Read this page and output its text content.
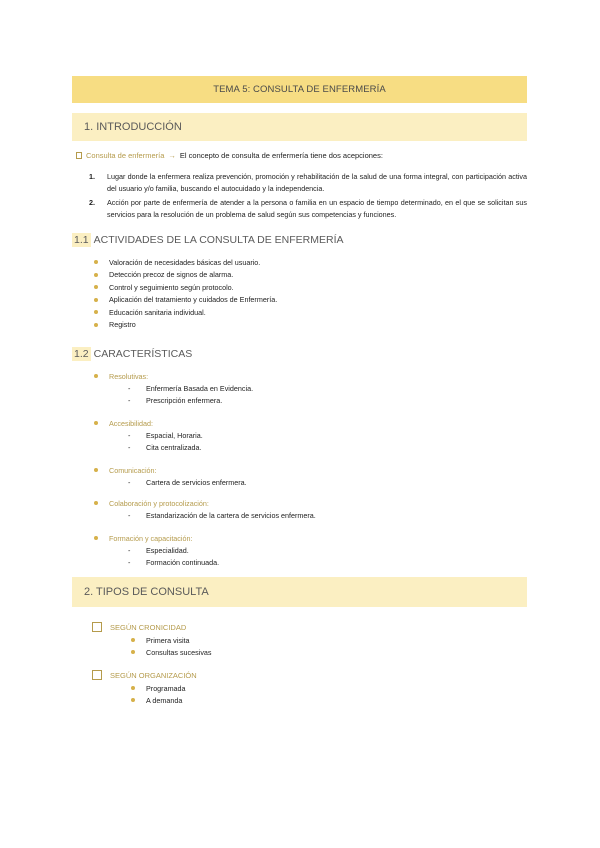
TEMA 5: CONSULTA DE ENFERMERÍA
1. INTRODUCCIÓN
Consulta de enfermería → El concepto de consulta de enfermería tiene dos acepciones:
1. Lugar donde la enfermera realiza prevención, promoción y rehabilitación de la salud de una forma integral, con participación activa del usuario y/o familia, buscando el autocuidado y la independencia.
2. Acción por parte de enfermería de atender a la persona o familia en un espacio de tiempo determinado, en el que se solicitan sus servicios para la resolución de un problema de salud según sus competencias y funciones.
1.1 ACTIVIDADES DE LA CONSULTA DE ENFERMERÍA
Valoración de necesidades básicas del usuario.
Detección precoz de signos de alarma.
Control y seguimiento según protocolo.
Aplicación del tratamiento y cuidados de Enfermería.
Educación sanitaria individual.
Registro
1.2 CARACTERÍSTICAS
Resolutivas:
-	Enfermería Basada en Evidencia.
-	Prescripción enfermera.
Accesibilidad:
-	Espacial, Horaria.
-	Cita centralizada.
Comunicación:
-	Cartera de servicios enfermera.
Colaboración y protocolización:
-	Estandarización de la cartera de servicios enfermera.
Formación y capacitación:
-	Especialidad.
-	Formación continuada.
2. TIPOS DE CONSULTA
SEGÚN CRONICIDAD
Primera visita
Consultas sucesivas
SEGÚN ORGANIZACIÓN
Programada
A demanda
